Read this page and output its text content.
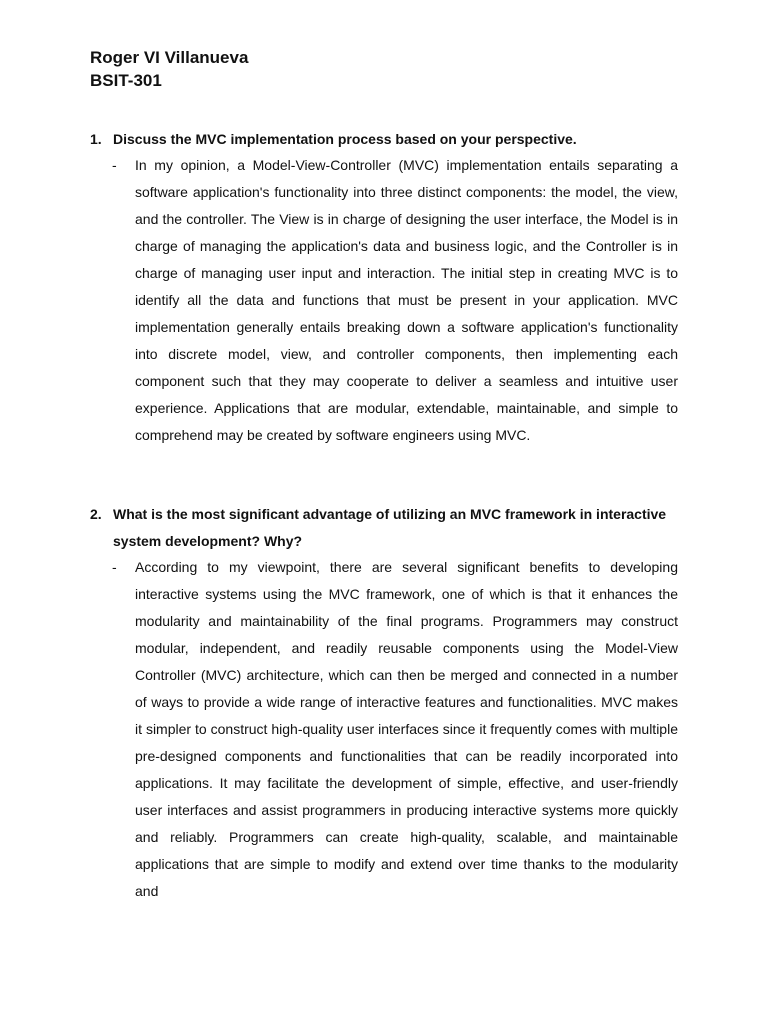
Roger VI Villanueva
BSIT-301
1. Discuss the MVC implementation process based on your perspective.
- In my opinion, a Model-View-Controller (MVC) implementation entails separating a software application's functionality into three distinct components: the model, the view, and the controller. The View is in charge of designing the user interface, the Model is in charge of managing the application's data and business logic, and the Controller is in charge of managing user input and interaction. The initial step in creating MVC is to identify all the data and functions that must be present in your application. MVC implementation generally entails breaking down a software application's functionality into discrete model, view, and controller components, then implementing each component such that they may cooperate to deliver a seamless and intuitive user experience. Applications that are modular, extendable, maintainable, and simple to comprehend may be created by software engineers using MVC.
2. What is the most significant advantage of utilizing an MVC framework in interactive system development? Why?
- According to my viewpoint, there are several significant benefits to developing interactive systems using the MVC framework, one of which is that it enhances the modularity and maintainability of the final programs. Programmers may construct modular, independent, and readily reusable components using the Model-View Controller (MVC) architecture, which can then be merged and connected in a number of ways to provide a wide range of interactive features and functionalities. MVC makes it simpler to construct high-quality user interfaces since it frequently comes with multiple pre-designed components and functionalities that can be readily incorporated into applications. It may facilitate the development of simple, effective, and user-friendly user interfaces and assist programmers in producing interactive systems more quickly and reliably. Programmers can create high-quality, scalable, and maintainable applications that are simple to modify and extend over time thanks to the modularity and
